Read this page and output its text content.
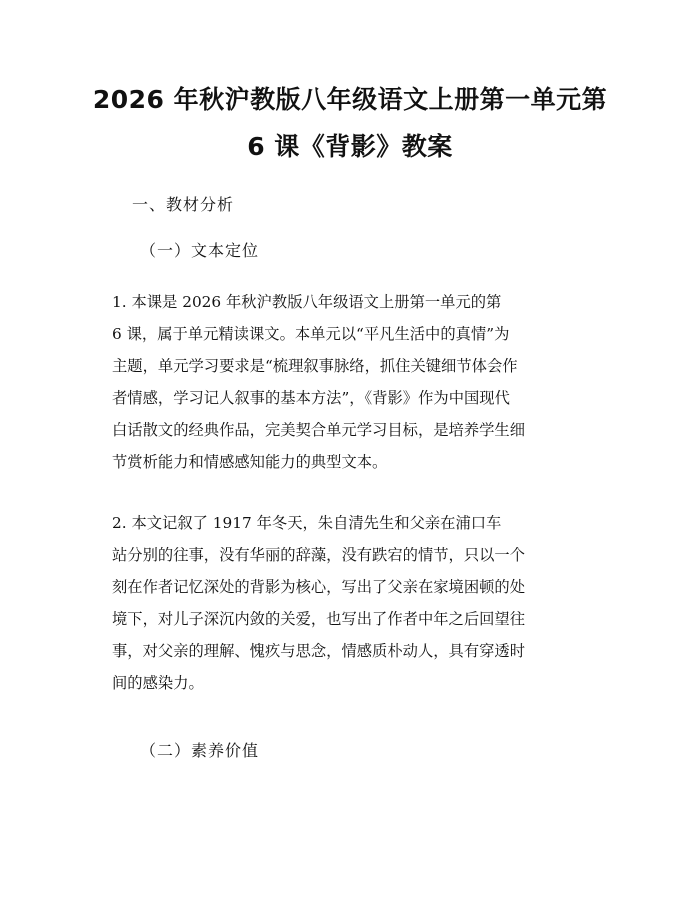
2026 年秋沪教版八年级语文上册第一单元第
6 课《背影》教案
一、教材分析
（一）文本定位
1. 本课是 2026 年秋沪教版八年级语文上册第一单元的第
6 课，属于单元精读课文。本单元以“平凡生活中的真情”为
主题，单元学习要求是“梳理叙事脉络，抓住关键细节体会作
者情感，学习记人叙事的基本方法”，《背影》作为中国现代
白话散文的经典作品，完美契合单元学习目标，是培养学生细
节赏析能力和情感感知能力的典型文本。
2. 本文记叙了 1917 年冬天，朱自清先生和父亲在浦口车
站分别的往事，没有华丽的辞藻，没有跌宕的情节，只以一个
刻在作者记忆深处的背影为核心，写出了父亲在家境困顿的处
境下，对儿子深沉内敛的关爱，也写出了作者中年之后回望往
事，对父亲的理解、愧疚与思念，情感质朴动人，具有穿透时
间的感染力。
（二）素养价值
